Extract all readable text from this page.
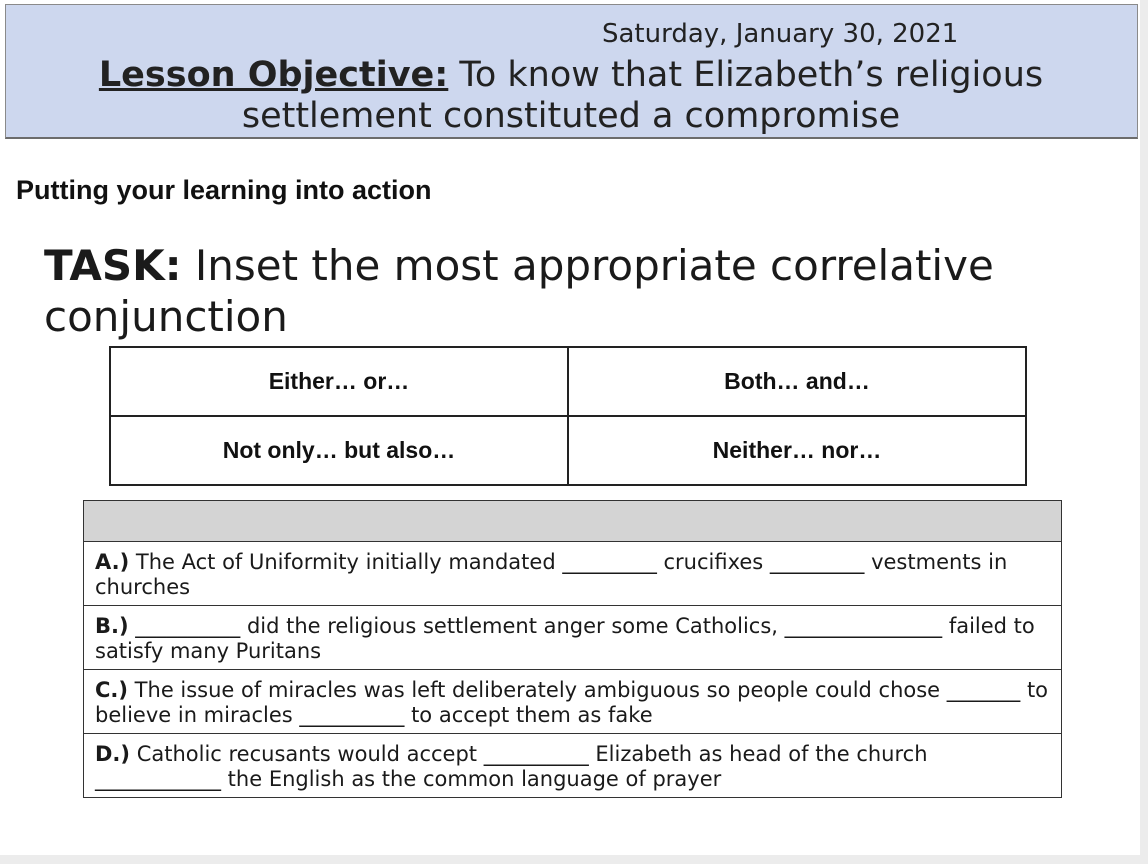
Saturday, January 30, 2021
Lesson Objective: To know that Elizabeth’s religious settlement constituted a compromise
Putting your learning into action
TASK: Inset the most appropriate correlative conjunction
Either… or…	Both… and…
Not only… but also…	Neither… nor…

A.) The Act of Uniformity initially mandated _________ crucifixes _________ vestments in churches
B.) __________ did the religious settlement anger some Catholics, _______________ failed to satisfy many Puritans
C.) The issue of miracles was left deliberately ambiguous so people could chose _______ to believe in miracles __________ to accept them as fake
D.) Catholic recusants would accept __________ Elizabeth as head of the church ____________ the English as the common language of prayer
